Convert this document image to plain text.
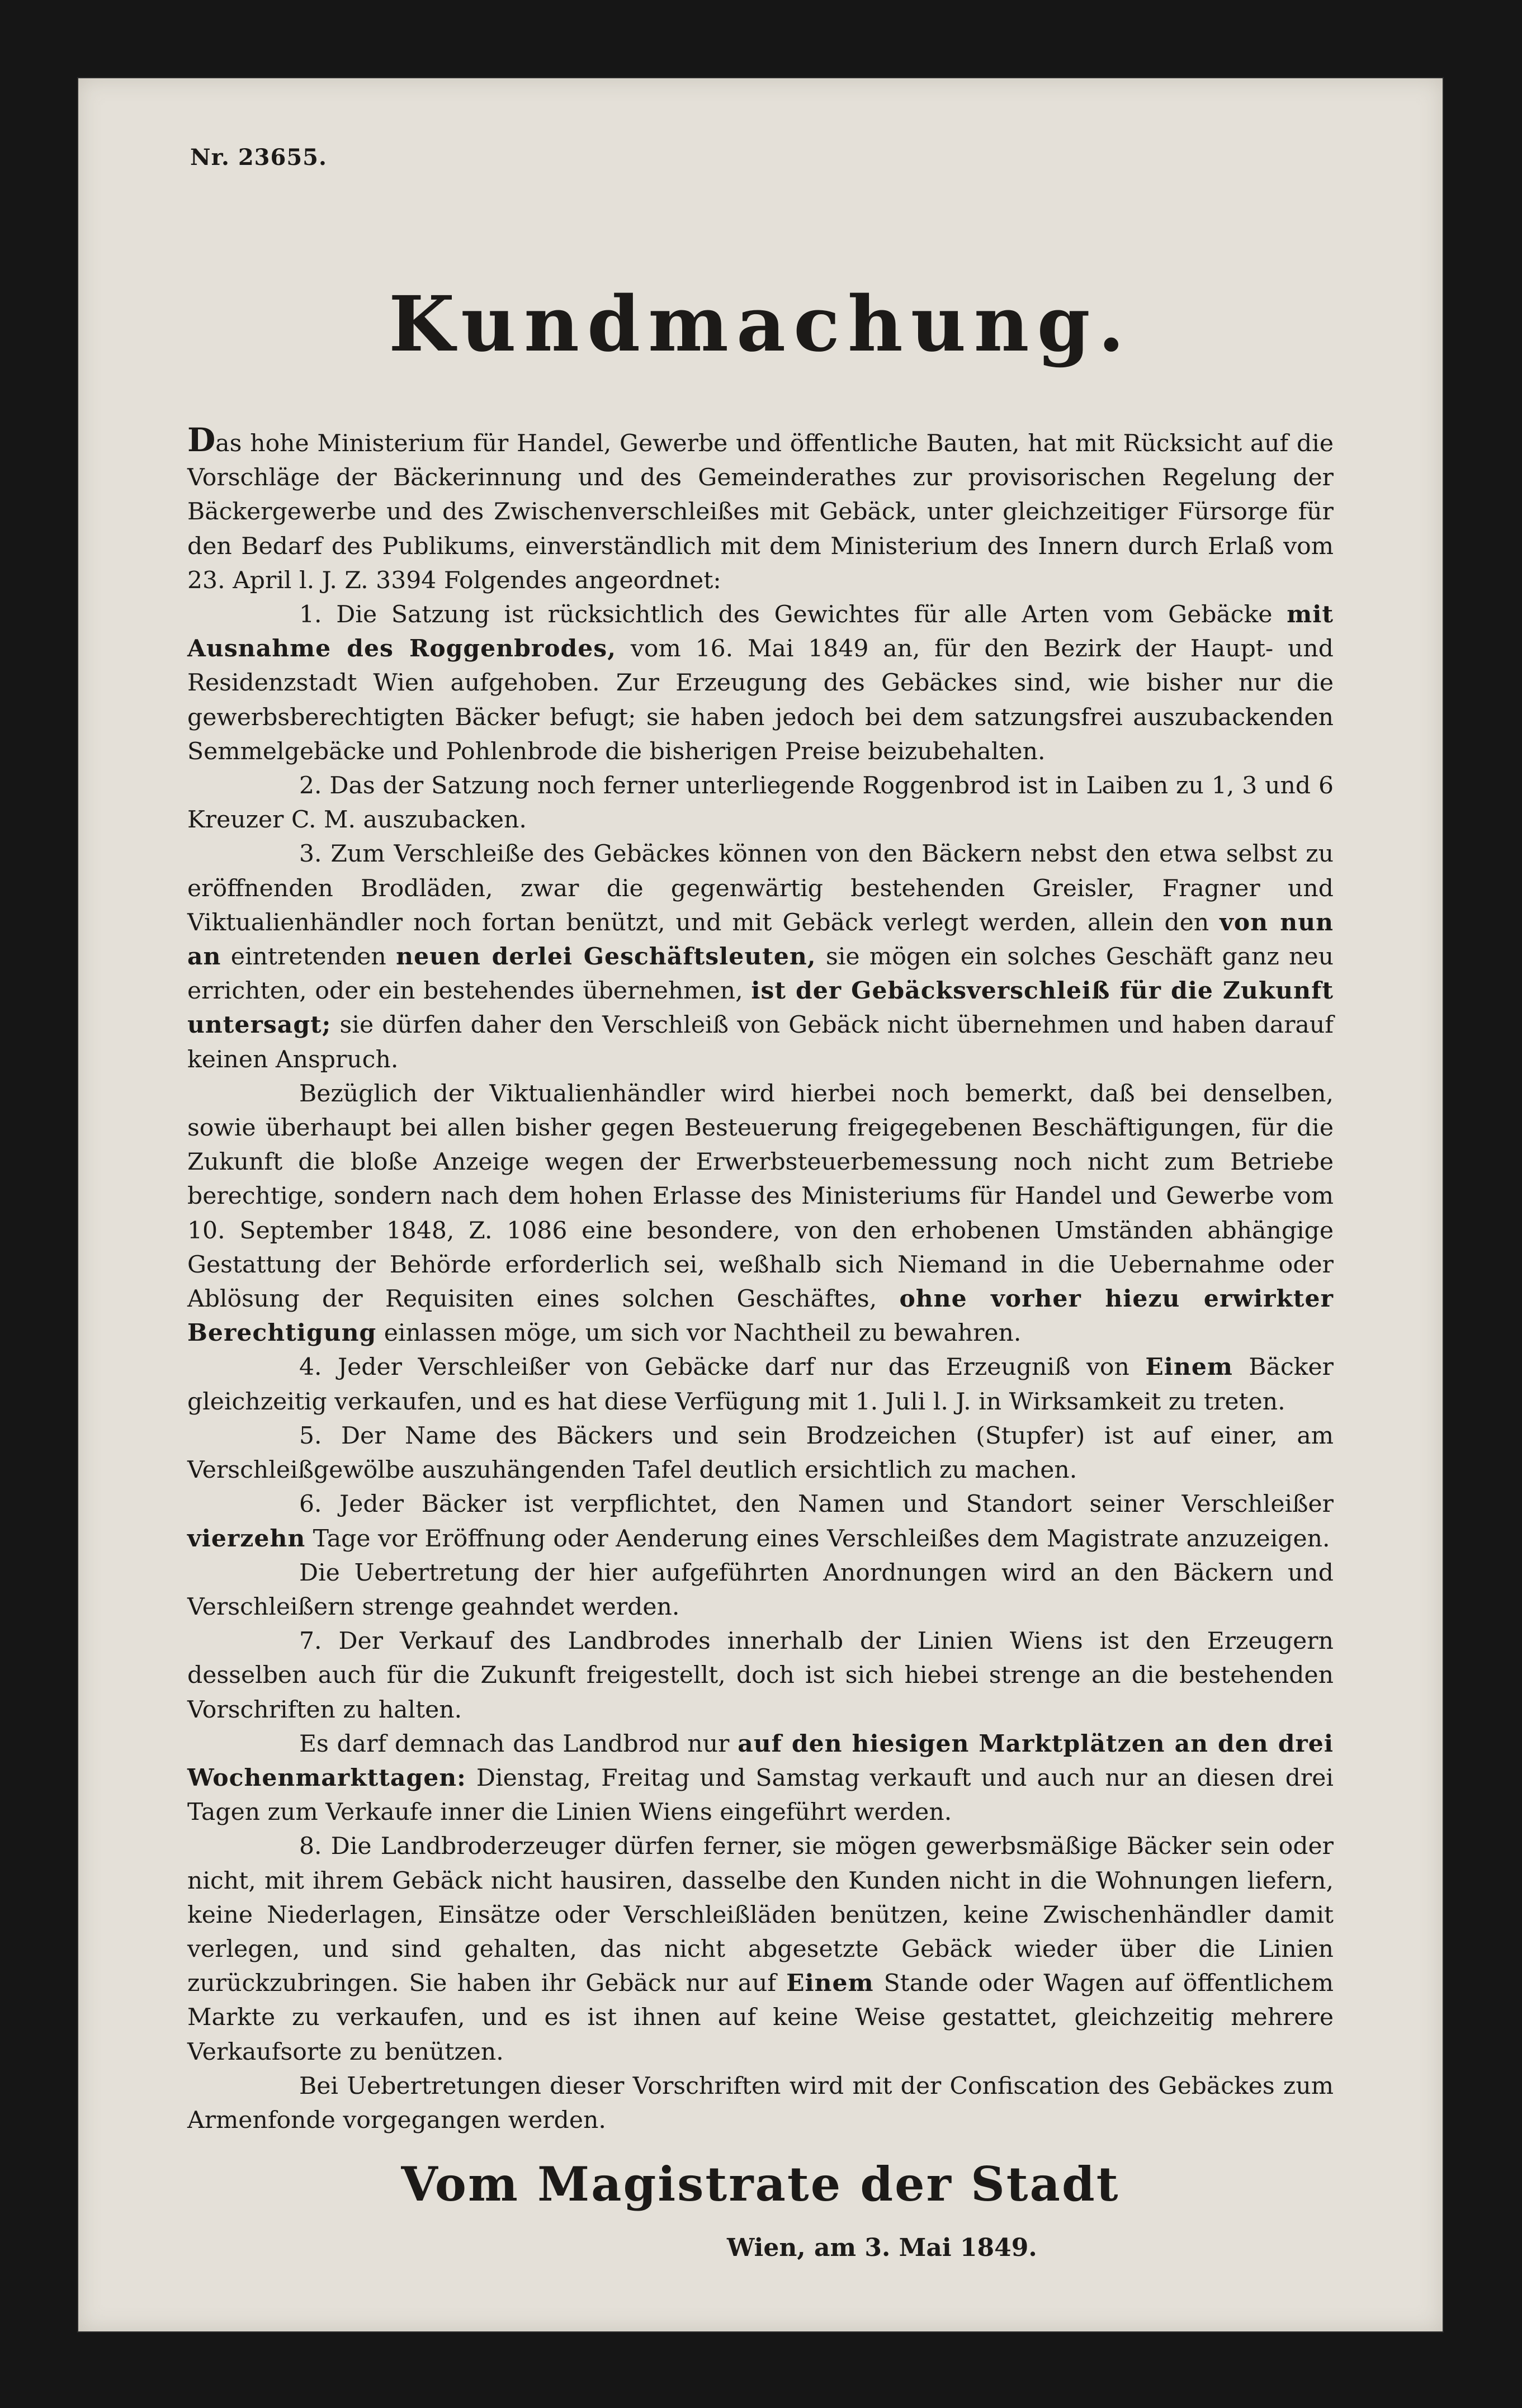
Nr. 23655.
Kundmachung.

Das hohe Ministerium für Handel, Gewerbe und öffentliche Bauten, hat mit Rücksicht auf die Vorschläge der Bäckerinnung und des Gemeinderathes zur provisorischen Regelung der Bäckergewerbe und des Zwischenverschleißes mit Gebäck, unter gleichzeitiger Fürsorge für den Bedarf des Publikums, einverständlich mit dem Ministerium des Innern durch Erlaß vom 23. April l. J. Z. 3394 Folgendes angeordnet:

1. Die Satzung ist rücksichtlich des Gewichtes für alle Arten vom Gebäcke mit Ausnahme des Roggenbrodes, vom 16. Mai 1849 an, für den Bezirk der Haupt- und Residenzstadt Wien aufgehoben. Zur Erzeugung des Gebäckes sind, wie bisher nur die gewerbsberechtigten Bäcker befugt; sie haben jedoch bei dem satzungsfrei auszubackenden Semmelgebäcke und Pohlenbrode die bisherigen Preise beizubehalten.

2. Das der Satzung noch ferner unterliegende Roggenbrod ist in Laiben zu 1, 3 und 6 Kreuzer C. M. auszubacken.

3. Zum Verschleiße des Gebäckes können von den Bäckern nebst den etwa selbst zu eröffnenden Brodläden, zwar die gegenwärtig bestehenden Greisler, Fragner und Viktualienhändler noch fortan benützt, und mit Gebäck verlegt werden, allein den von nun an eintretenden neuen derlei Geschäftsleuten, sie mögen ein solches Geschäft ganz neu errichten, oder ein bestehendes übernehmen, ist der Gebäcksverschleiß für die Zukunft untersagt; sie dürfen daher den Verschleiß von Gebäck nicht übernehmen und haben darauf keinen Anspruch.

Bezüglich der Viktualienhändler wird hierbei noch bemerkt, daß bei denselben, sowie überhaupt bei allen bisher gegen Besteuerung freigegebenen Beschäftigungen, für die Zukunft die bloße Anzeige wegen der Erwerbsteuerbemessung noch nicht zum Betriebe berechtige, sondern nach dem hohen Erlasse des Ministeriums für Handel und Gewerbe vom 10. September 1848, Z. 1086 eine besondere, von den erhobenen Umständen abhängige Gestattung der Behörde erforderlich sei, weßhalb sich Niemand in die Uebernahme oder Ablösung der Requisiten eines solchen Geschäftes, ohne vorher hiezu erwirkter Berechtigung einlassen möge, um sich vor Nachtheil zu bewahren.

4. Jeder Verschleißer von Gebäcke darf nur das Erzeugniß von Einem Bäcker gleichzeitig verkaufen, und es hat diese Verfügung mit 1. Juli l. J. in Wirksamkeit zu treten.

5. Der Name des Bäckers und sein Brodzeichen (Stupfer) ist auf einer, am Verschleißgewölbe auszuhängenden Tafel deutlich ersichtlich zu machen.

6. Jeder Bäcker ist verpflichtet, den Namen und Standort seiner Verschleißer vierzehn Tage vor Eröffnung oder Aenderung eines Verschleißes dem Magistrate anzuzeigen.

Die Uebertretung der hier aufgeführten Anordnungen wird an den Bäckern und Verschleißern strenge geahndet werden.

7. Der Verkauf des Landbrodes innerhalb der Linien Wiens ist den Erzeugern desselben auch für die Zukunft freigestellt, doch ist sich hiebei strenge an die bestehenden Vorschriften zu halten.

Es darf demnach das Landbrod nur auf den hiesigen Marktplätzen an den drei Wochenmarkttagen: Dienstag, Freitag und Samstag verkauft und auch nur an diesen drei Tagen zum Verkaufe inner die Linien Wiens eingeführt werden.

8. Die Landbroderzeuger dürfen ferner, sie mögen gewerbsmäßige Bäcker sein oder nicht, mit ihrem Gebäck nicht hausiren, dasselbe den Kunden nicht in die Wohnungen liefern, keine Niederlagen, Einsätze oder Verschleißläden benützen, keine Zwischenhändler damit verlegen, und sind gehalten, das nicht abgesetzte Gebäck wieder über die Linien zurückzubringen. Sie haben ihr Gebäck nur auf Einem Stande oder Wagen auf öffentlichem Markte zu verkaufen, und es ist ihnen auf keine Weise gestattet, gleichzeitig mehrere Verkaufsorte zu benützen.

Bei Uebertretungen dieser Vorschriften wird mit der Confiscation des Gebäckes zum Armenfonde vorgegangen werden.

Vom Magistrate der Stadt
Wien, am 3. Mai 1849.
